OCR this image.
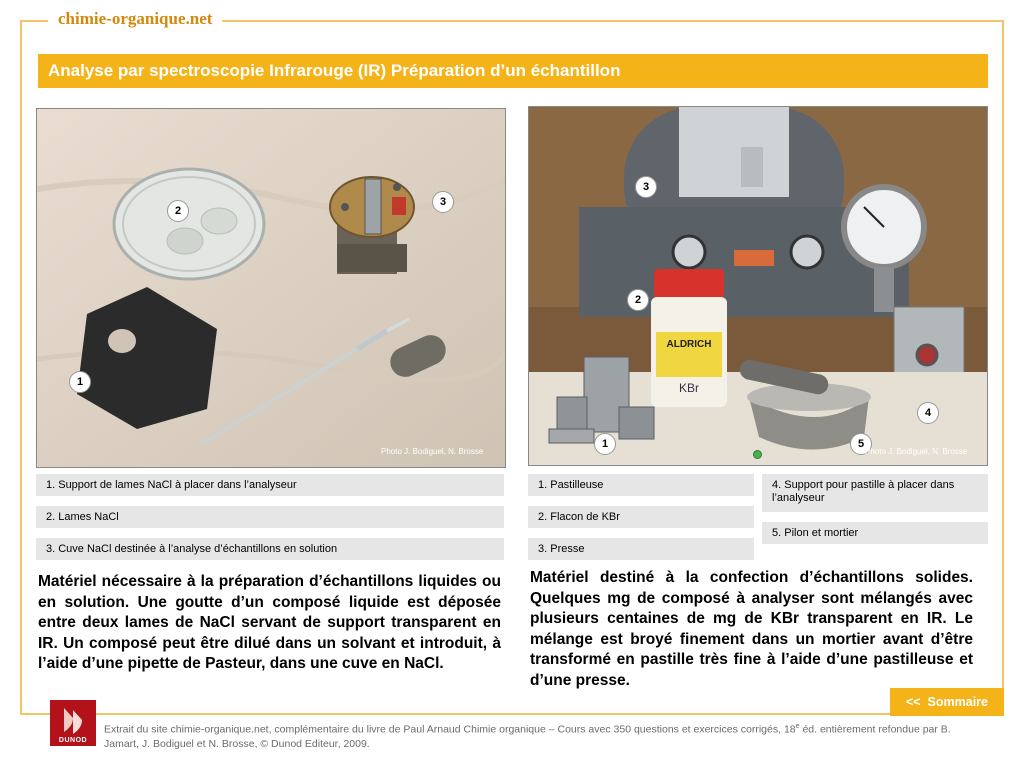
chimie-organique.net
Analyse par spectroscopie Infrarouge (IR) Préparation d’un échantillon
2
3
1
Photo J. Bodiguel, N. Brosse
ALDRICH
KBr
3
2
4
1	5
Photo J. Bodiguel, N. Brosse
1. Support de lames NaCl à placer dans l’analyseur
2. Lames NaCl
3. Cuve NaCl destinée à l’analyse d’échantillons en solution
1. Pastilleuse
2. Flacon de KBr
3. Presse
4. Support pour pastille à placer dans l’analyseur
5. Pilon et mortier
Matériel nécessaire à la préparation d’échantillons liquides ou en solution. Une goutte d’un composé liquide est déposée entre deux lames de NaCl servant de support transparent en IR. Un composé peut être dilué dans un solvant et introduit, à l’aide d’une pipette de Pasteur, dans une cuve en NaCl.
Matériel destiné à la confection d’échantillons solides. Quelques mg de composé à analyser sont mélangés avec plusieurs centaines de mg de KBr transparent en IR. Le mélange est broyé finement dans un mortier avant d’être transformé en pastille très fine à l’aide d’une pastilleuse et d’une presse.
<< Sommaire
DUNOD
Extrait du site chimie-organique.net, complémentaire du livre de Paul Arnaud Chimie organique – Cours avec 350 questions et exercices corrigés, 18e éd. entièrement refondue par B. Jamart, J. Bodiguel et N. Brosse, © Dunod Editeur, 2009.
